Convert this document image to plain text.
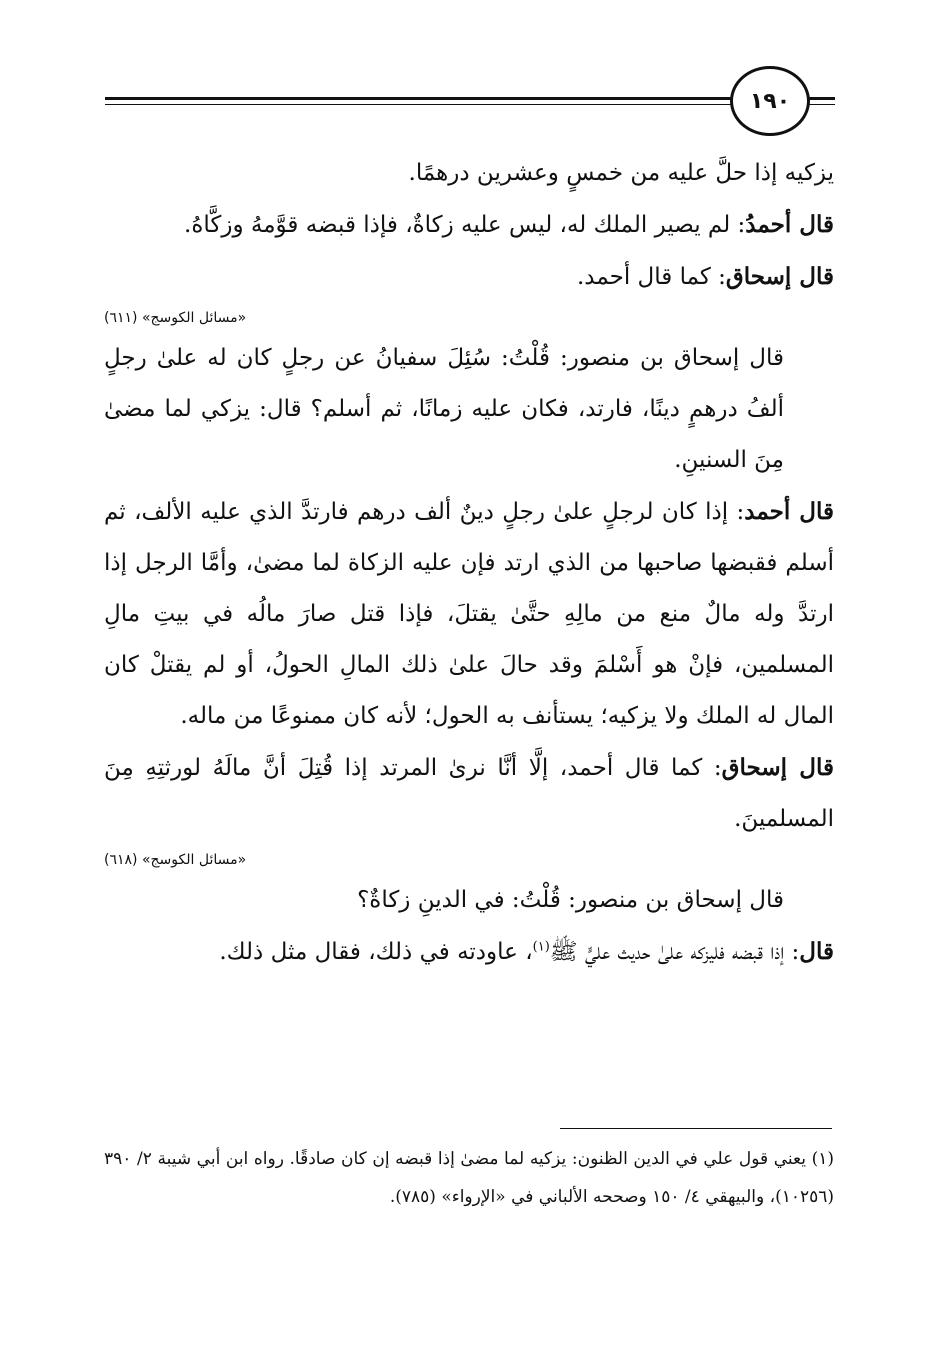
١٩٠

يزكيه إذا حلَّ عليه من خمسٍ وعشرين درهمًا.

قال أحمدُ: لم يصير الملك له، ليس عليه زكاةٌ، فإذا قبضه قوَّمهُ وزكَّاهُ.

قال إسحاق: كما قال أحمد.

«مسائل الكوسج» (٦١١)

قال إسحاق بن منصور: قُلْتُ: سُئِلَ سفيانُ عن رجلٍ كان له علىٰ رجلٍ ألفُ درهمٍ دينًا، فارتد، فكان عليه زمانًا، ثم أسلم؟ قال: يزكي لما مضىٰ مِنَ السنينِ.

قال أحمد: إذا كان لرجلٍ علىٰ رجلٍ دينٌ ألف درهم فارتدَّ الذي عليه الألف، ثم أسلم فقبضها صاحبها من الذي ارتد فإن عليه الزكاة لما مضىٰ، وأمَّا الرجل إذا ارتدَّ وله مالٌ منع من مالِهِ حتَّىٰ يقتلَ، فإذا قتل صارَ مالُه في بيتِ مالِ المسلمين، فإنْ هو أَسْلمَ وقد حالَ علىٰ ذلك المالِ الحولُ، أو لم يقتلْ كان المال له الملك ولا يزكيه؛ يستأنف به الحول؛ لأنه كان ممنوعًا من ماله.

قال إسحاق: كما قال أحمد، إلَّا أنَّا نرىٰ المرتد إذا قُتِلَ أنَّ مالَهُ لورثتِهِ مِنَ المسلمينَ.

«مسائل الكوسج» (٦١٨)

قال إسحاق بن منصور: قُلْتُ: في الدينِ زكاةٌ؟

قال: إذا قبضه فليزكه علىٰ حديث عليٍّ ﷺ$^{(١)}$، عاودته في ذلك، فقال مثل ذلك.

(١) يعني قول علي في الدين الظنون: يزكيه لما مضىٰ إذا قبضه إن كان صادقًا. رواه ابن أبي شيبة ٢/ ٣٩٠ (١٠٢٥٦)، والبيهقي ٤/ ١٥٠ وصححه الألباني في «الإرواء» (٧٨٥).
